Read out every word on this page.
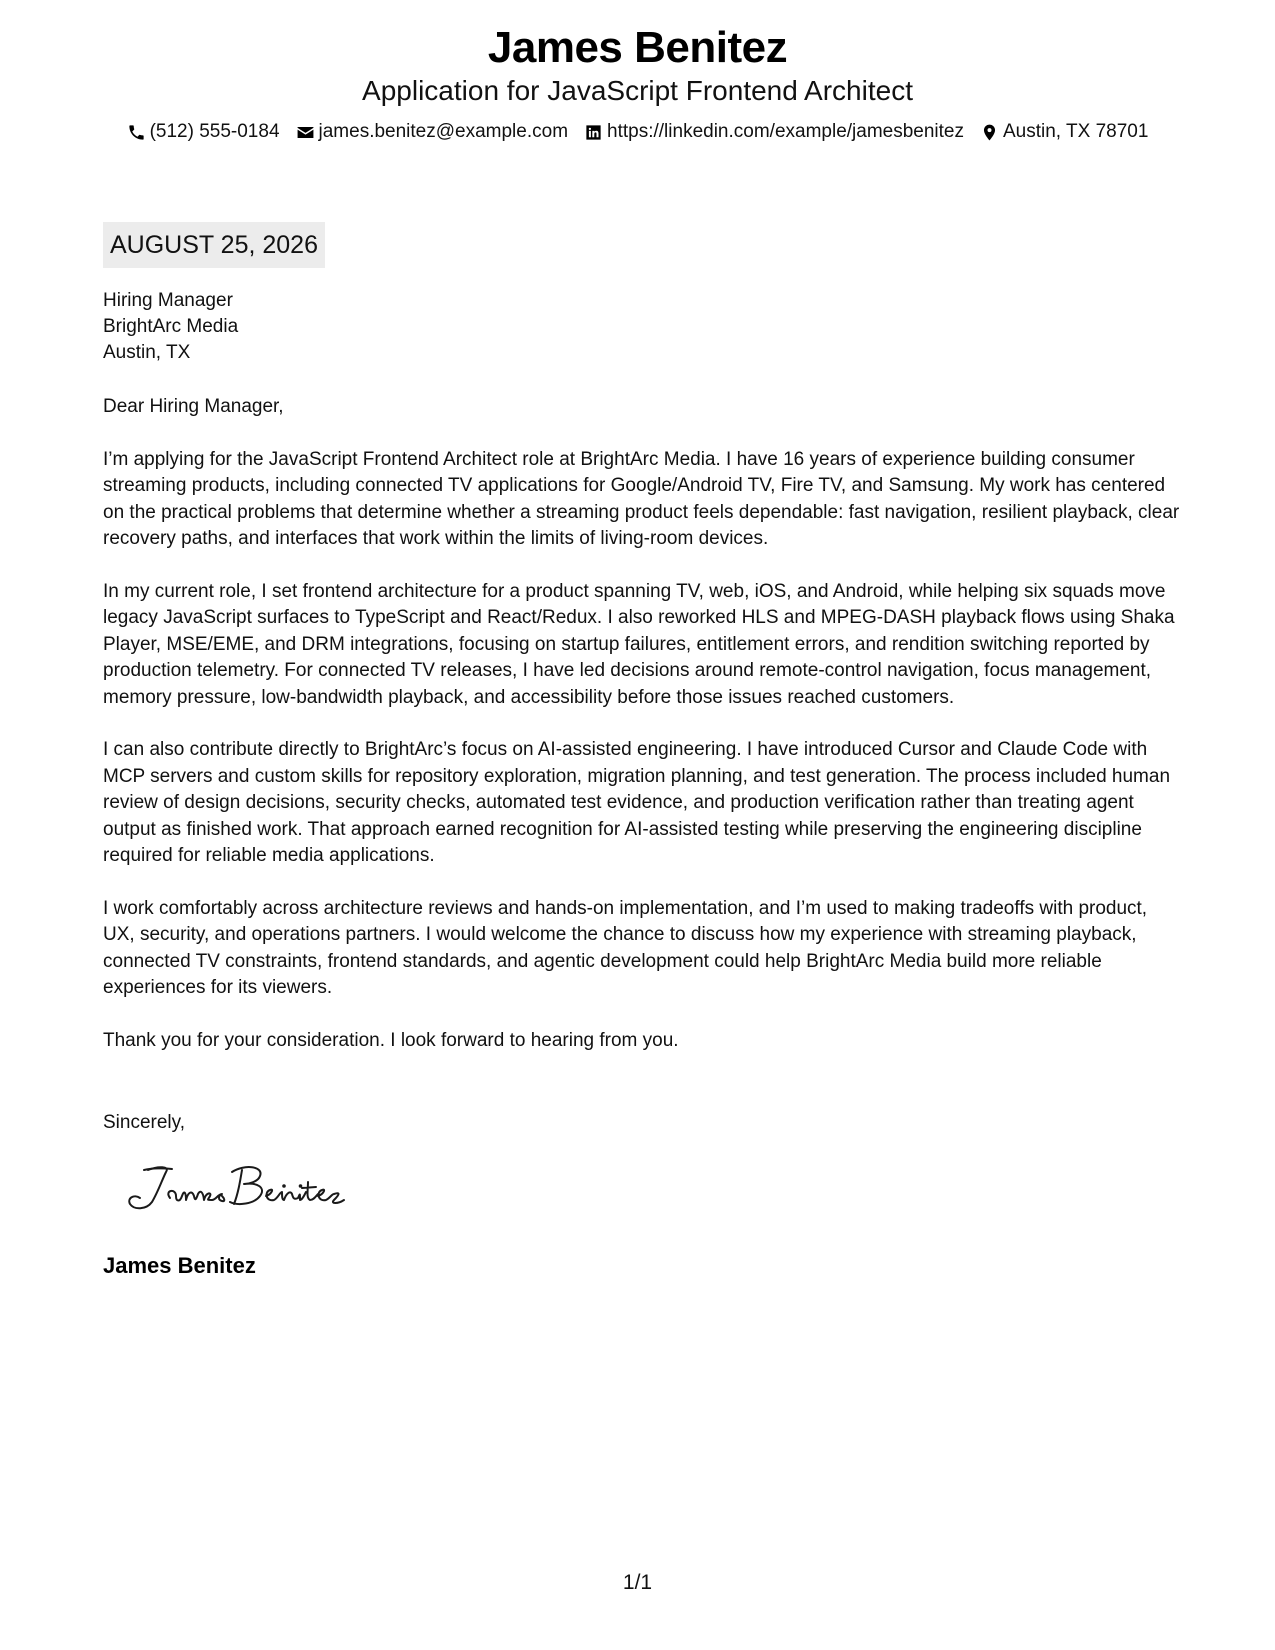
James Benitez
Application for JavaScript Frontend Architect
(512) 555-0184 james.benitez@example.com https://linkedin.com/example/jamesbenitez Austin, TX 78701
AUGUST 25, 2026
Hiring Manager
BrightArc Media
Austin, TX

Dear Hiring Manager,

I’m applying for the JavaScript Frontend Architect role at BrightArc Media. I have 16 years of experience building consumer streaming products, including connected TV applications for Google/Android TV, Fire TV, and Samsung. My work has centered on the practical problems that determine whether a streaming product feels dependable: fast navigation, resilient playback, clear recovery paths, and interfaces that work within the limits of living-room devices.

In my current role, I set frontend architecture for a product spanning TV, web, iOS, and Android, while helping six squads move legacy JavaScript surfaces to TypeScript and React/Redux. I also reworked HLS and MPEG-DASH playback flows using Shaka Player, MSE/EME, and DRM integrations, focusing on startup failures, entitlement errors, and rendition switching reported by production telemetry. For connected TV releases, I have led decisions around remote-control navigation, focus management, memory pressure, low-bandwidth playback, and accessibility before those issues reached customers.

I can also contribute directly to BrightArc’s focus on AI-assisted engineering. I have introduced Cursor and Claude Code with MCP servers and custom skills for repository exploration, migration planning, and test generation. The process included human review of design decisions, security checks, automated test evidence, and production verification rather than treating agent output as finished work. That approach earned recognition for AI-assisted testing while preserving the engineering discipline required for reliable media applications.

I work comfortably across architecture reviews and hands-on implementation, and I’m used to making tradeoffs with product, UX, security, and operations partners. I would welcome the chance to discuss how my experience with streaming playback, connected TV constraints, frontend standards, and agentic development could help BrightArc Media build more reliable experiences for its viewers.

Thank you for your consideration. I look forward to hearing from you.

Sincerely,
James Benitez
1/1
